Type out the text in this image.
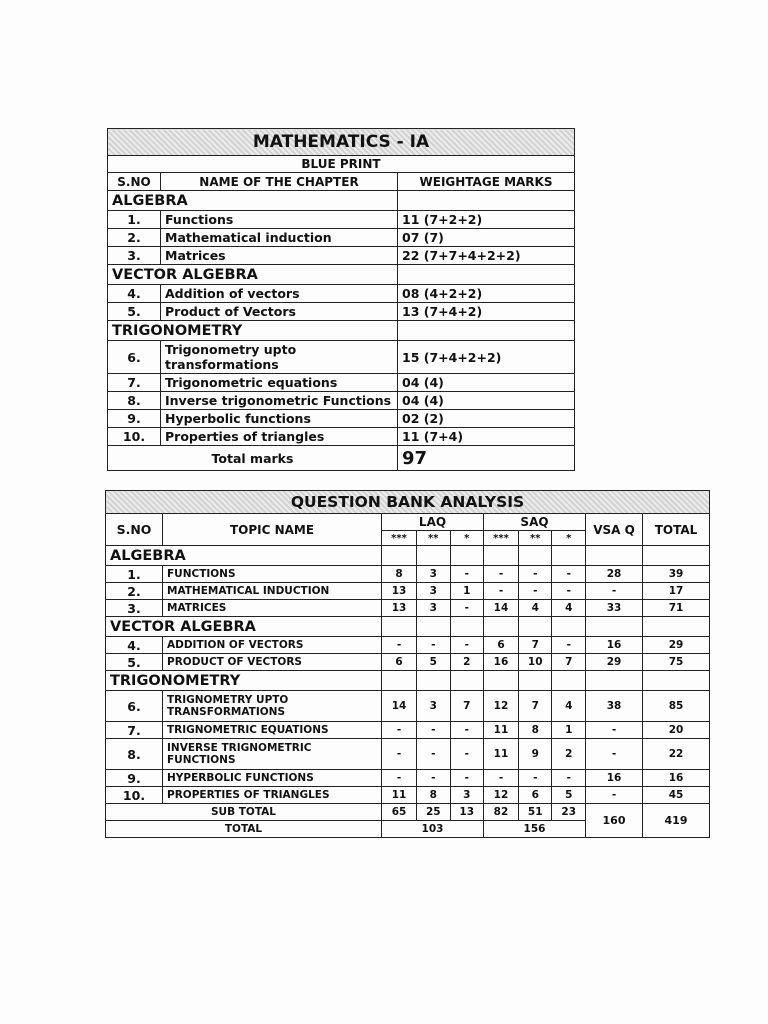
MATHEMATICS - IA		
BLUE PRINT		
S.NO	NAME OF THE CHAPTER	WEIGHTAGE MARKS
ALGEBRA		
1.	Functions	11 (7+2+2)
2.	Mathematical induction	07 (7)
3.	Matrices	22 (7+7+4+2+2)
VECTOR ALGEBRA		
4.	Addition of vectors	08 (4+2+2)
5.	Product of Vectors	13 (7+4+2)
TRIGONOMETRY		
6.	Trigonometry upto transformations	15 (7+4+2+2)
7.	Trigonometric equations	04 (4)
8.	Inverse trigonometric Functions	04 (4)
9.	Hyperbolic functions	02 (2)
10.	Properties of triangles	11 (7+4)
Total marks		97
QUESTION BANK ANALYSIS									
S.NO	TOPIC NAME	LAQ			SAQ			VSA Q	TOTAL
		***	**	*	***	**	*		
ALGEBRA									
1.	FUNCTIONS	8	3	-	-	-	-	28	39
2.	MATHEMATICAL INDUCTION	13	3	1	-	-	-	-	17
3.	MATRICES	13	3	-	14	4	4	33	71
VECTOR ALGEBRA									
4.	ADDITION OF VECTORS	-	-	-	6	7	-	16	29
5.	PRODUCT OF VECTORS	6	5	2	16	10	7	29	75
TRIGONOMETRY									
6.	TRIGNOMETRY UPTO TRANSFORMATIONS	14	3	7	12	7	4	38	85
7.	TRIGNOMETRIC EQUATIONS	-	-	-	11	8	1	-	20
8.	INVERSE TRIGNOMETRIC FUNCTIONS	-	-	-	11	9	2	-	22
9.	HYPERBOLIC FUNCTIONS	-	-	-	-	-	-	16	16
10.	PROPERTIES OF TRIANGLES	11	8	3	12	6	5	-	45
SUB TOTAL		65	25	13	82	51	23	160	419
TOTAL		103			156				
